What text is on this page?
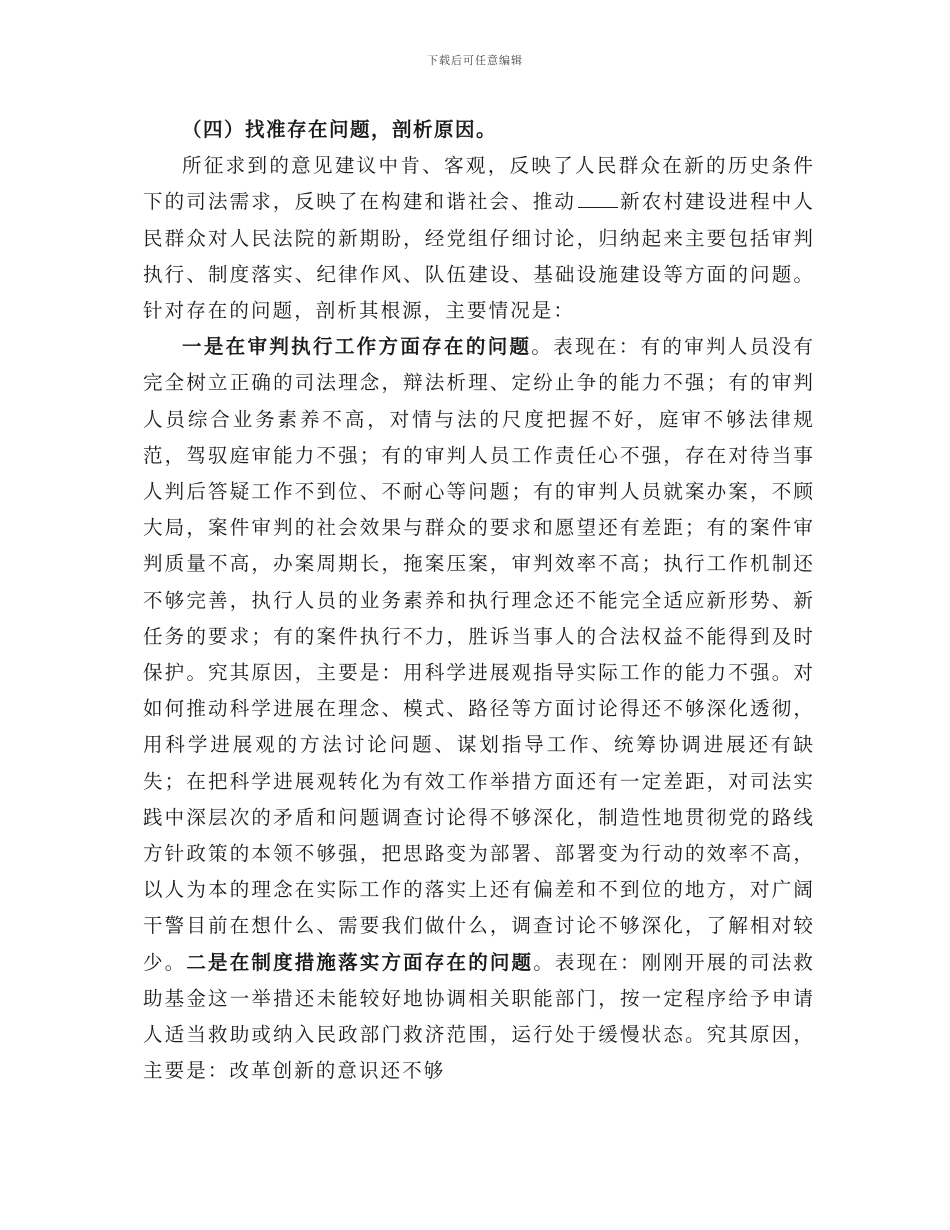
下载后可任意编辑

（四）找准存在问题，剖析原因。

所征求到的意见建议中肯、客观，反映了人民群众在新的历史条件下的司法需求，反映了在构建和谐社会、推动 新农村建设进程中人民群众对人民法院的新期盼，经党组仔细讨论，归纳起来主要包括审判执行、制度落实、纪律作风、队伍建设、基础设施建设等方面的问题。针对存在的问题，剖析其根源，主要情况是：

一是在审判执行工作方面存在的问题。表现在：有的审判人员没有完全树立正确的司法理念，辩法析理、定纷止争的能力不强；有的审判人员综合业务素养不高，对情与法的尺度把握不好，庭审不够法律规范，驾驭庭审能力不强；有的审判人员工作责任心不强，存在对待当事人判后答疑工作不到位、不耐心等问题；有的审判人员就案办案，不顾大局，案件审判的社会效果与群众的要求和愿望还有差距；有的案件审判质量不高，办案周期长，拖案压案，审判效率不高；执行工作机制还不够完善，执行人员的业务素养和执行理念还不能完全适应新形势、新任务的要求；有的案件执行不力，胜诉当事人的合法权益不能得到及时保护。究其原因，主要是：用科学进展观指导实际工作的能力不强。对如何推动科学进展在理念、模式、路径等方面讨论得还不够深化透彻，用科学进展观的方法讨论问题、谋划指导工作、统筹协调进展还有缺失；在把科学进展观转化为有效工作举措方面还有一定差距，对司法实践中深层次的矛盾和问题调查讨论得不够深化，制造性地贯彻党的路线方针政策的本领不够强，把思路变为部署、部署变为行动的效率不高，以人为本的理念在实际工作的落实上还有偏差和不到位的地方，对广阔干警目前在想什么、需要我们做什么，调查讨论不够深化，了解相对较少。二是在制度措施落实方面存在的问题。表现在：刚刚开展的司法救助基金这一举措还未能较好地协调相关职能部门，按一定程序给予申请人适当救助或纳入民政部门救济范围，运行处于缓慢状态。究其原因，主要是：改革创新的意识还不够
